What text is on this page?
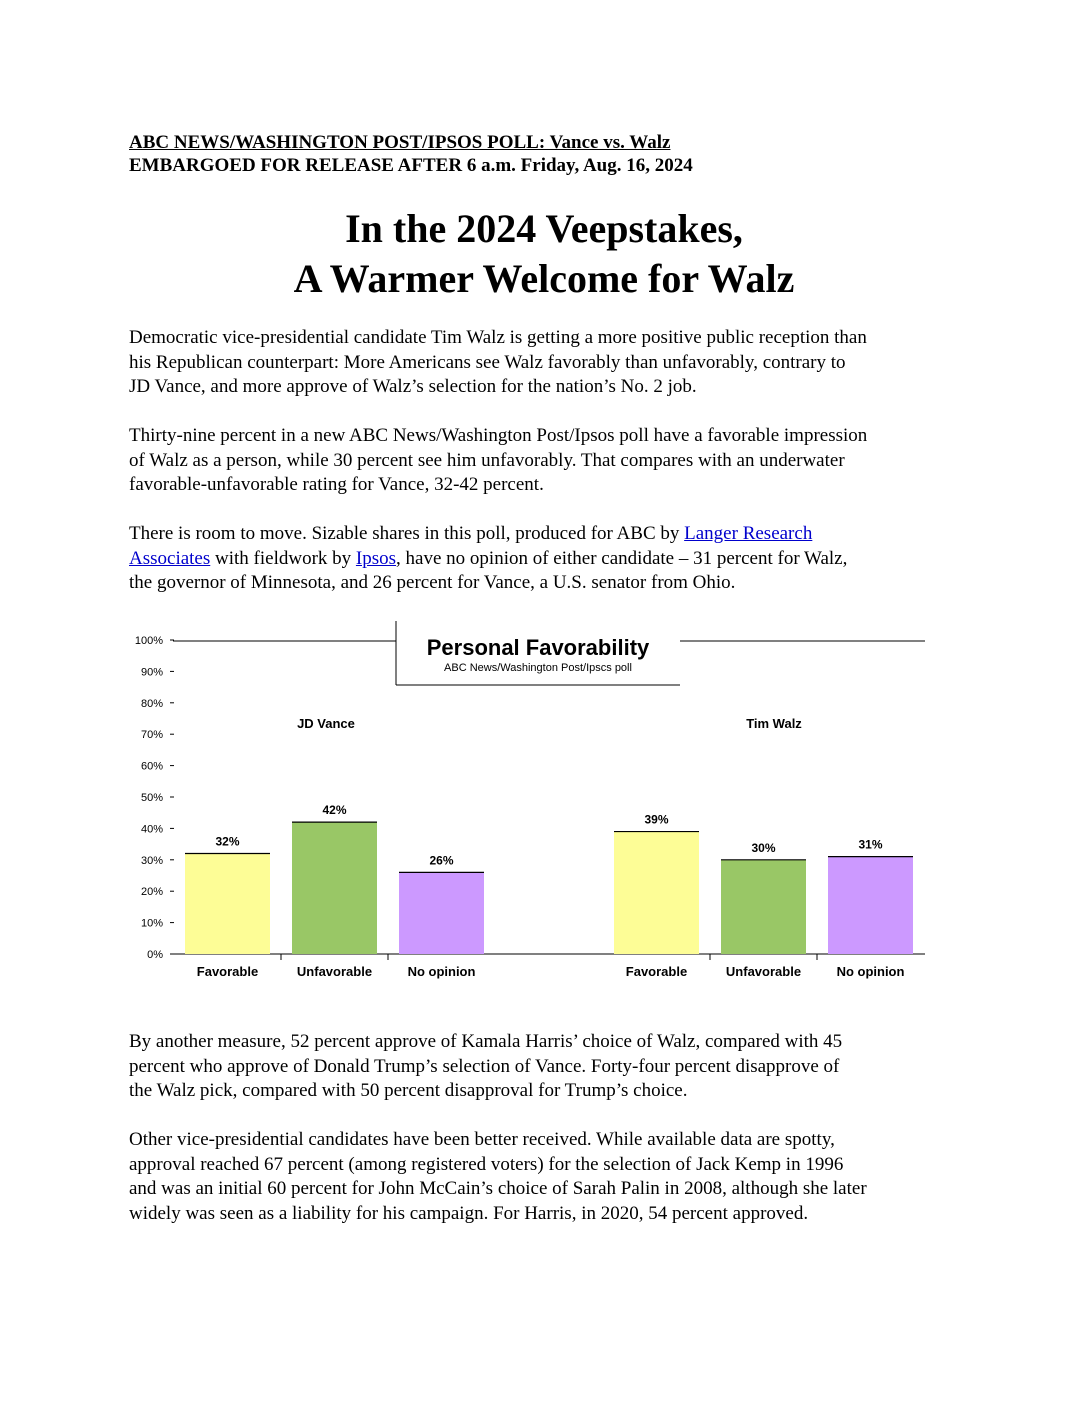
ABC NEWS/WASHINGTON POST/IPSOS POLL: Vance vs. Walz
EMBARGOED FOR RELEASE AFTER 6 a.m. Friday, Aug. 16, 2024
In the 2024 Veepstakes,
A Warmer Welcome for Walz
Democratic vice-presidential candidate Tim Walz is getting a more positive public reception than
his Republican counterpart: More Americans see Walz favorably than unfavorably, contrary to
JD Vance, and more approve of Walz’s selection for the nation’s No. 2 job.
Thirty-nine percent in a new ABC News/Washington Post/Ipsos poll have a favorable impression
of Walz as a person, while 30 percent see him unfavorably. That compares with an underwater
favorable-unfavorable rating for Vance, 32-42 percent.
There is room to move. Sizable shares in this poll, produced for ABC by Langer Research
Associates with fieldwork by Ipsos, have no opinion of either candidate – 31 percent for Walz,
the governor of Minnesota, and 26 percent for Vance, a U.S. senator from Ohio.
0%
10%
20%
30%
40%
50%
60%
70%
80%
90%
100%	Personal Favorability
ABC News/Washington Post/Ipscs poll
JD Vance
32%
Favorable
42%
Unfavorable
26%
No opinion
Tim Walz
39%
Favorable
30%
Unfavorable
31%
No opinion
By another measure, 52 percent approve of Kamala Harris’ choice of Walz, compared with 45
percent who approve of Donald Trump’s selection of Vance. Forty-four percent disapprove of
the Walz pick, compared with 50 percent disapproval for Trump’s choice.
Other vice-presidential candidates have been better received. While available data are spotty,
approval reached 67 percent (among registered voters) for the selection of Jack Kemp in 1996
and was an initial 60 percent for John McCain’s choice of Sarah Palin in 2008, although she later
widely was seen as a liability for his campaign. For Harris, in 2020, 54 percent approved.
